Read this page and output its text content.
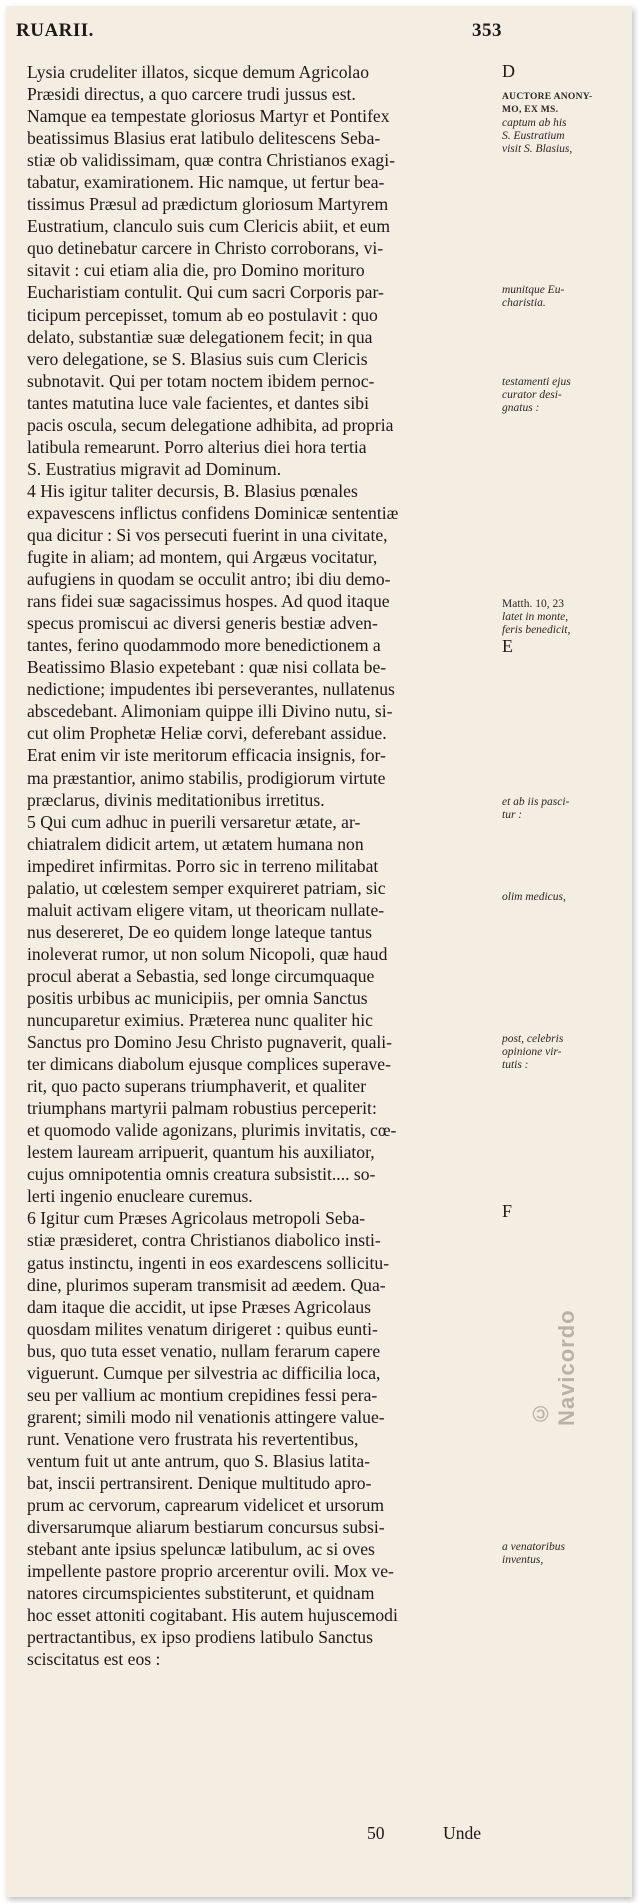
RUARII.	353
Lysia crudeliter illatos, sicque demum Agricolao
Præsidi directus, a quo carcere trudi jussus est.
Namque ea tempestate gloriosus Martyr et Pontifex
beatissimus Blasius erat latibulo delitescens Seba-
stiæ ob validissimam, quæ contra Christianos exagi-
tabatur, examirationem. Hic namque, ut fertur bea-
tissimus Præsul ad prædictum gloriosum Martyrem
Eustratium, clanculo suis cum Clericis abiit, et eum
quo detinebatur carcere in Christo corroborans, vi-
sitavit : cui etiam alia die, pro Domino morituro
Eucharistiam contulit. Qui cum sacri Corporis par-
ticipum percepisset, tomum ab eo postulavit : quo
delato, substantiæ suæ delegationem fecit; in qua
vero delegatione, se S. Blasius suis cum Clericis
subnotavit. Qui per totam noctem ibidem pernoc-
tantes matutina luce vale facientes, et dantes sibi
pacis oscula, secum delegatione adhibita, ad propria
latibula remearunt. Porro alterius diei hora tertia
S. Eustratius migravit ad Dominum.
4 His igitur taliter decursis, B. Blasius pœnales
expavescens inflictus confidens Dominicæ sententiæ
qua dicitur : Si vos persecuti fuerint in una civitate,
fugite in aliam; ad montem, qui Argæus vocitatur,
aufugiens in quodam se occulit antro; ibi diu demo-
rans fidei suæ sagacissimus hospes. Ad quod itaque
specus promiscui ac diversi generis bestiæ adven-
tantes, ferino quodammodo more benedictionem a
Beatissimo Blasio expetebant : quæ nisi collata be-
nedictione; impudentes ibi perseverantes, nullatenus
abscedebant. Alimoniam quippe illi Divino nutu, si-
cut olim Prophetæ Heliæ corvi, deferebant assidue.
Erat enim vir iste meritorum efficacia insignis, for-
ma præstantior, animo stabilis, prodigiorum virtute
præclarus, divinis meditationibus irretitus.
5 Qui cum adhuc in puerili versaretur ætate, ar-
chiatralem didicit artem, ut ætatem humana non
impediret infirmitas. Porro sic in terreno militabat
palatio, ut cœlestem semper exquireret patriam, sic
maluit activam eligere vitam, ut theoricam nullate-
nus desereret, De eo quidem longe lateque tantus
inoleverat rumor, ut non solum Nicopoli, quæ haud
procul aberat a Sebastia, sed longe circumquaque
positis urbibus ac municipiis, per omnia Sanctus
nuncuparetur eximius. Præterea nunc qualiter hic
Sanctus pro Domino Jesu Christo pugnaverit, quali-
ter dimicans diabolum ejusque complices superave-
rit, quo pacto superans triumphaverit, et qualiter
triumphans martyrii palmam robustius perceperit:
et quomodo valide agonizans, plurimis invitatis, cœ-
lestem lauream arripuerit, quantum his auxiliator,
cujus omnipotentia omnis creatura subsistit.... so-
lerti ingenio enucleare curemus.
6 Igitur cum Præses Agricolaus metropoli Seba-
stiæ præsideret, contra Christianos diabolico insti-
gatus instinctu, ingenti in eos exardescens sollicitu-
dine, plurimos superam transmisit ad æedem. Qua-
dam itaque die accidit, ut ipse Præses Agricolaus
quosdam milites venatum dirigeret : quibus eunti-
bus, quo tuta esset venatio, nullam ferarum capere
viguerunt. Cumque per silvestria ac difficilia loca,
seu per vallium ac montium crepidines fessi pera-
grarent; simili modo nil venationis attingere value-
runt. Venatione vero frustrata his revertentibus,
ventum fuit ut ante antrum, quo S. Blasius latita-
bat, inscii pertransirent. Denique multitudo apro-
prum ac cervorum, caprearum videlicet et ursorum
diversarumque aliarum bestiarum concursus subsi-
stebant ante ipsius speluncæ latibulum, ac si oves
impellente pastore proprio arcerentur ovili. Mox ve-
natores circumspicientes substiterunt, et quidnam
hoc esset attoniti cogitabant. His autem hujuscemodi
pertractantibus, ex ipso prodiens latibulo Sanctus
sciscitatus est eos :
D
AUCTORE ANONY-
MO, EX MS.
captum ab his
S. Eustratium
visit S. Blasius,
munitque Eu-
charistia.
testamenti ejus
curator desi-
gnatus :
Matth. 10, 23
latet in monte,
feris benedicit,
E
et ab iis pasci-
tur :
olim medicus,
post, celebris
opinione vir-
tutis :
F
a venatoribus
inventus,
© Navicordo
50	Unde
